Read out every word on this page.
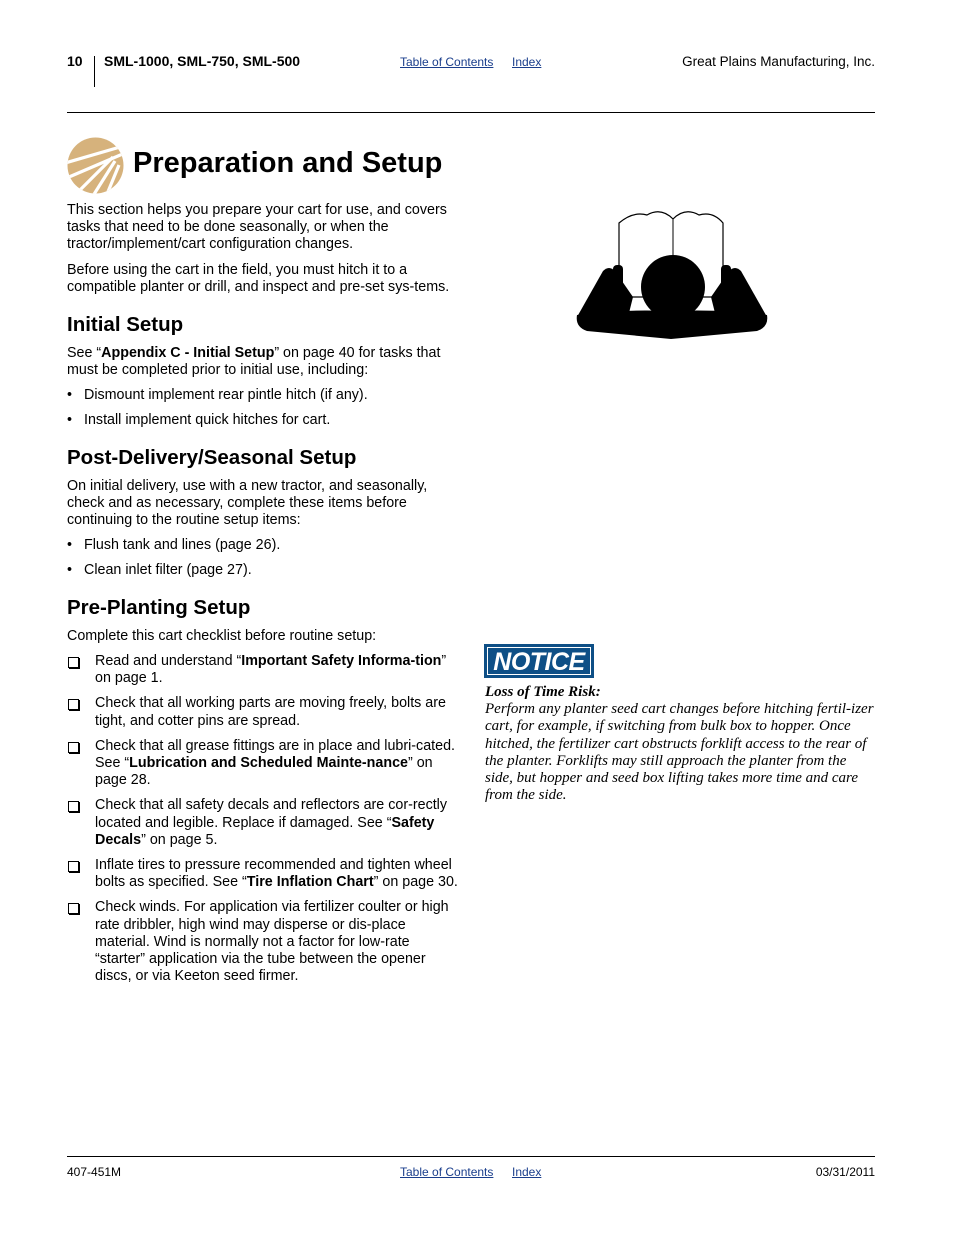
10 SML-1000, SML-750, SML-500	Table of Contents Index	Great Plains Manufacturing, Inc.
Preparation and Setup

This section helps you prepare your cart for use, and covers tasks that need to be done seasonally, or when the tractor/implement/cart configuration changes.

Before using the cart in the field, you must hitch it to a compatible planter or drill, and inspect and pre-set sys-tems.

Initial Setup

See “Appendix C - Initial Setup” on page 40 for tasks that must be completed prior to initial use, including:

• Dismount implement rear pintle hitch (if any).
• Install implement quick hitches for cart.
Post-Delivery/Seasonal Setup

On initial delivery, use with a new tractor, and seasonally, check and as necessary, complete these items before continuing to the routine setup items:

• Flush tank and lines (page 26).
• Clean inlet filter (page 27).
Pre-Planting Setup

Complete this cart checklist before routine setup:

Read and understand “Important Safety Informa-tion” on page 1.
Check that all working parts are moving freely, bolts are tight, and cotter pins are spread.
Check that all grease fittings are in place and lubri-cated. See “Lubrication and Scheduled Mainte-nance” on page 28.
Check that all safety decals and reflectors are cor-rectly located and legible. Replace if damaged. See “Safety Decals” on page 5.
Inflate tires to pressure recommended and tighten wheel bolts as specified. See “Tire Inflation Chart” on page 30.
Check winds. For application via fertilizer coulter or high rate dribbler, high wind may disperse or dis-place material. Wind is normally not a factor for low-rate “starter” application via the tube between the opener discs, or via Keeton seed firmer.
NOTICE
Loss of Time Risk:
Perform any planter seed cart changes before hitching fertil-izer cart, for example, if switching from bulk box to hopper. Once hitched, the fertilizer cart obstructs forklift access to the rear of the planter. Forklifts may still approach the planter from the side, but hopper and seed box lifting takes more time and care from the side.
407-451M	Table of Contents Index	03/31/2011
